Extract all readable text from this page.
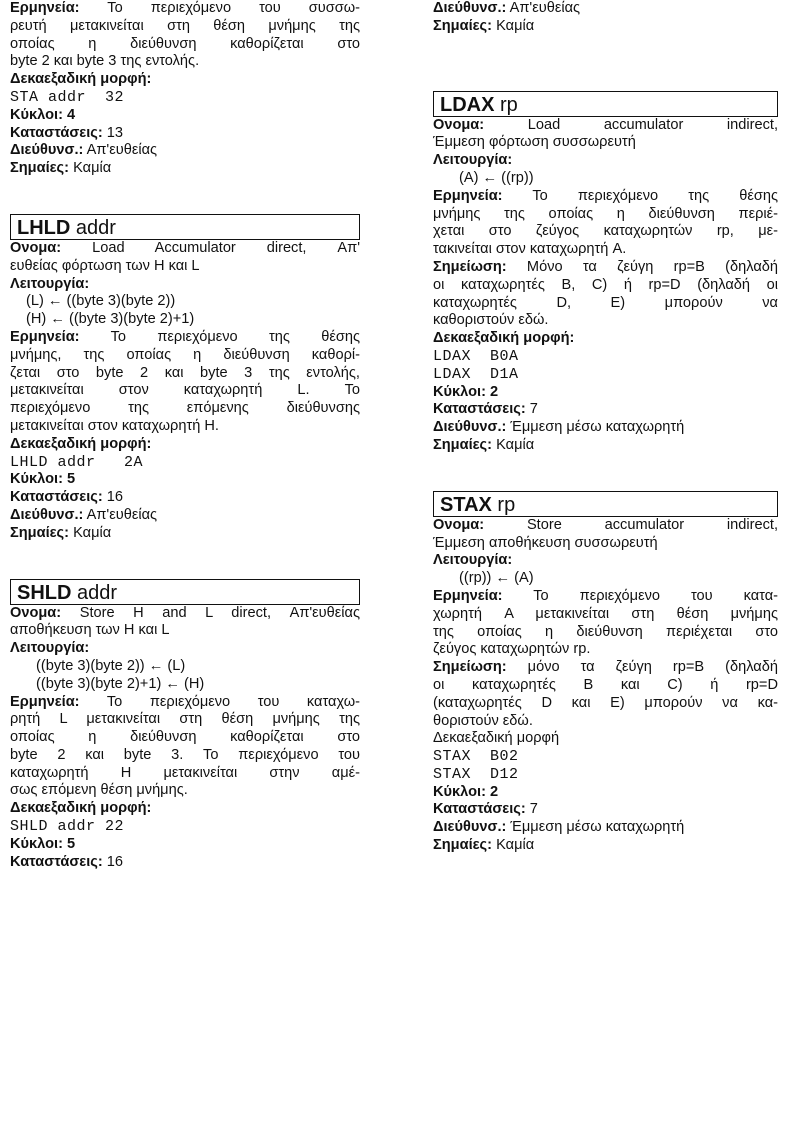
Ερμηνεία: Το περιεχόμενο του συσσω-
ρευτή μετακινείται στη θέση μνήμης της
οποίας η διεύθυνση καθορίζεται στο
byte 2 και byte 3 της εντολής.
Δεκαεξαδική μορφή:
STA addr  32
Κύκλοι: 4
Καταστάσεις: 13
Διεύθυνσ.: Απ'ευθείας
Σημαίες: Καμία
LHLD addr
Ονομα: Load Accumulator direct, Απ'
ευθείας φόρτωση των H και L
Λειτουργία:
(L) ← ((byte 3)(byte 2))
(H) ← ((byte 3)(byte 2)+1)
Ερμηνεία: Το περιεχόμενο της θέσης
μνήμης, της οποίας η διεύθυνση καθορί-
ζεται στο byte 2 και byte 3 της εντολής,
μετακινείται στον καταχωρητή L. Το
περιεχόμενο της επόμενης διεύθυνσης
μετακινείται στον καταχωρητή H.
Δεκαεξαδική μορφή:
LHLD addr   2A
Κύκλοι: 5
Καταστάσεις: 16
Διεύθυνσ.: Απ'ευθείας
Σημαίες: Καμία
SHLD addr
Ονομα: Store H and L direct, Απ'ευθείας
αποθήκευση των H και L
Λειτουργία:
((byte 3)(byte 2)) ← (L)
((byte 3)(byte 2)+1) ← (H)
Ερμηνεία: Το περιεχόμενο του καταχω-
ρητή L μετακινείται στη θέση μνήμης της
οποίας η διεύθυνση καθορίζεται στο
byte 2 και byte 3. Το περιεχόμενο του
καταχωρητή H μετακινείται στην αμέ-
σως επόμενη θέση μνήμης.
Δεκαεξαδική μορφή:
SHLD addr 22
Κύκλοι: 5
Καταστάσεις: 16
Διεύθυνσ.: Απ'ευθείας
Σημαίες: Καμία
LDAX rp
Ονομα: Load accumulator indirect,
Έμμεση φόρτωση συσσωρευτή
Λειτουργία:
(A) ← ((rp))
Ερμηνεία: Το περιεχόμενο της θέσης
μνήμης της οποίας η διεύθυνση περιέ-
χεται στο ζεύγος καταχωρητών rp, με-
τακινείται στον καταχωρητή A.
Σημείωση: Μόνο τα ζεύγη rp=B (δηλαδή
οι καταχωρητές B, C) ή rp=D (δηλαδή οι
καταχωρητές D, E) μπορούν να
καθοριστούν εδώ.
Δεκαεξαδική μορφή:
LDAX  B0A
LDAX  D1A
Κύκλοι: 2
Καταστάσεις: 7
Διεύθυνσ.: Έμμεση μέσω καταχωρητή
Σημαίες: Καμία
STAX rp
Ονομα: Store accumulator indirect,
Έμμεση αποθήκευση συσσωρευτή
Λειτουργία:
((rp)) ← (A)
Ερμηνεία: Το περιεχόμενο του κατα-
χωρητή A μετακινείται στη θέση μνήμης
της οποίας η διεύθυνση περιέχεται στο
ζεύγος καταχωρητών rp.
Σημείωση: μόνο τα ζεύγη rp=B (δηλαδή
οι καταχωρητές B και C) ή rp=D
(καταχωρητές D και E) μπορούν να κα-
θοριστούν εδώ.
Δεκαεξαδική μορφή
STAX  B02
STAX  D12
Κύκλοι: 2
Καταστάσεις: 7
Διεύθυνσ.: Έμμεση μέσω καταχωρητή
Σημαίες: Καμία
